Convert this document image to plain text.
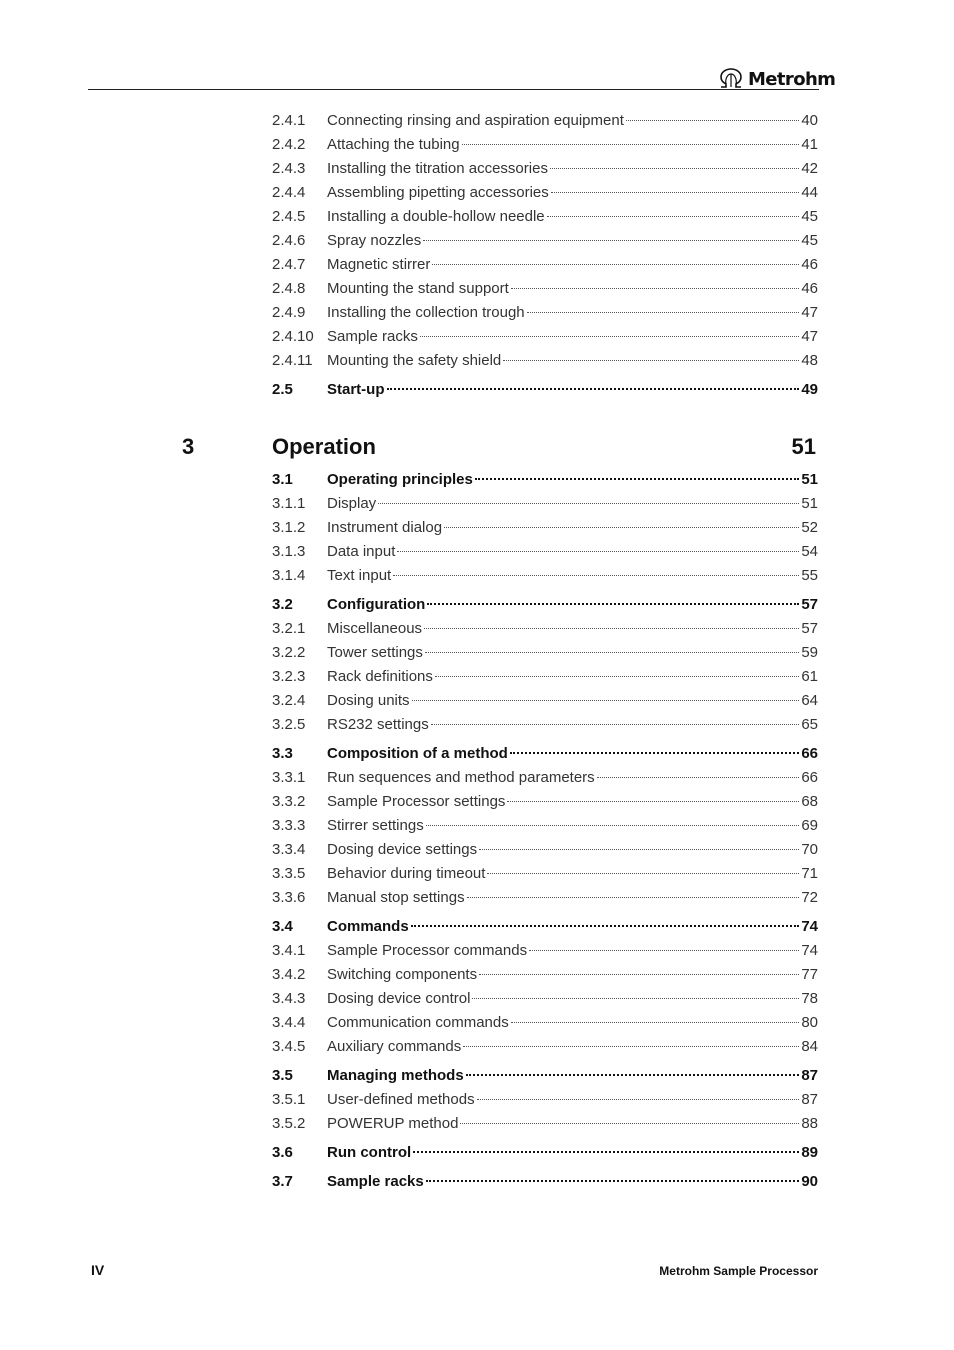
Metrohm
2.4.1	Connecting rinsing and aspiration equipment	40
2.4.2	Attaching the tubing	41
2.4.3	Installing the titration accessories	42
2.4.4	Assembling pipetting accessories	44
2.4.5	Installing a double-hollow needle	45
2.4.6	Spray nozzles	45
2.4.7	Magnetic stirrer	46
2.4.8	Mounting the stand support	46
2.4.9	Installing the collection trough	47
2.4.10 Sample racks	47
2.4.11 Mounting the safety shield	48
2.5	Start-up	49
3	Operation	51
3.1	Operating principles	51
3.1.1	Display	51
3.1.2	Instrument dialog	52
3.1.3	Data input	54
3.1.4	Text input	55
3.2	Configuration	57
3.2.1	Miscellaneous	57
3.2.2	Tower settings	59
3.2.3	Rack definitions	61
3.2.4	Dosing units	64
3.2.5	RS232 settings	65
3.3	Composition of a method	66
3.3.1	Run sequences and method parameters	66
3.3.2	Sample Processor settings	68
3.3.3	Stirrer settings	69
3.3.4	Dosing device settings	70
3.3.5	Behavior during timeout	71
3.3.6	Manual stop settings	72
3.4	Commands	74
3.4.1	Sample Processor commands	74
3.4.2	Switching components	77
3.4.3	Dosing device control	78
3.4.4	Communication commands	80
3.4.5	Auxiliary commands	84
3.5	Managing methods	87
3.5.1	User-defined methods	87
3.5.2	POWERUP method	88
3.6	Run control	89
3.7	Sample racks	90
IV	Metrohm Sample Processor
